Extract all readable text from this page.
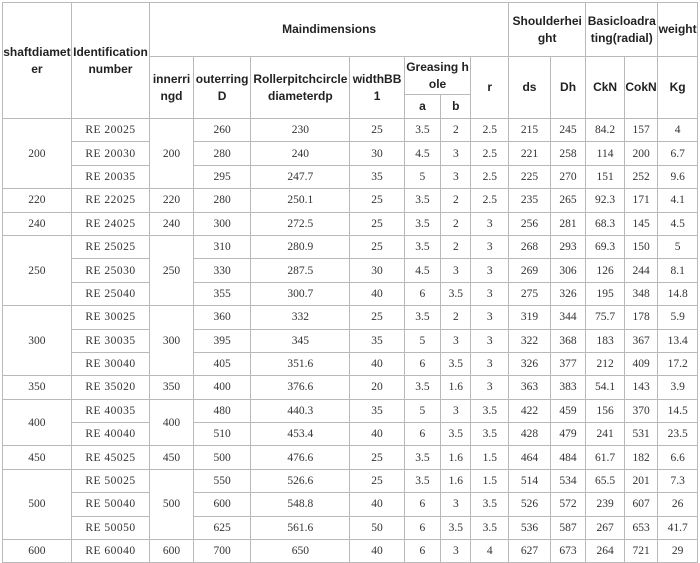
shaftdiameter	Identificationnumber	Maindimensions							Shoulderheight		Basicloadrating(radial)		weight
		innerringd	outerringD	Rollerpitchcirclediameterdp	widthBB1	Greasing hole		r	ds	Dh	CkN	CokN	Kg
						a	b						
200	RE 20025	200	260	230	25	3.5	2	2.5	215	245	84.2	157	4
	RE 20030		280	240	30	4.5	3	2.5	221	258	114	200	6.7
	RE 20035		295	247.7	35	5	3	2.5	225	270	151	252	9.6
220	RE 22025	220	280	250.1	25	3.5	2	2.5	235	265	92.3	171	4.1
240	RE 24025	240	300	272.5	25	3.5	2	3	256	281	68.3	145	4.5
250	RE 25025	250	310	280.9	25	3.5	2	3	268	293	69.3	150	5
	RE 25030		330	287.5	30	4.5	3	3	269	306	126	244	8.1
	RE 25040		355	300.7	40	6	3.5	3	275	326	195	348	14.8
300	RE 30025	300	360	332	25	3.5	2	3	319	344	75.7	178	5.9
	RE 30035		395	345	35	5	3	3	322	368	183	367	13.4
	RE 30040		405	351.6	40	6	3.5	3	326	377	212	409	17.2
350	RE 35020	350	400	376.6	20	3.5	1.6	3	363	383	54.1	143	3.9
400	RE 40035	400	480	440.3	35	5	3	3.5	422	459	156	370	14.5
	RE 40040		510	453.4	40	6	3.5	3.5	428	479	241	531	23.5
450	RE 45025	450	500	476.6	25	3.5	1.6	1.5	464	484	61.7	182	6.6
500	RE 50025	500	550	526.6	25	3.5	1.6	1.5	514	534	65.5	201	7.3
	RE 50040		600	548.8	40	6	3	3.5	526	572	239	607	26
	RE 50050		625	561.6	50	6	3.5	3.5	536	587	267	653	41.7
600	RE 60040	600	700	650	40	6	3	4	627	673	264	721	29
